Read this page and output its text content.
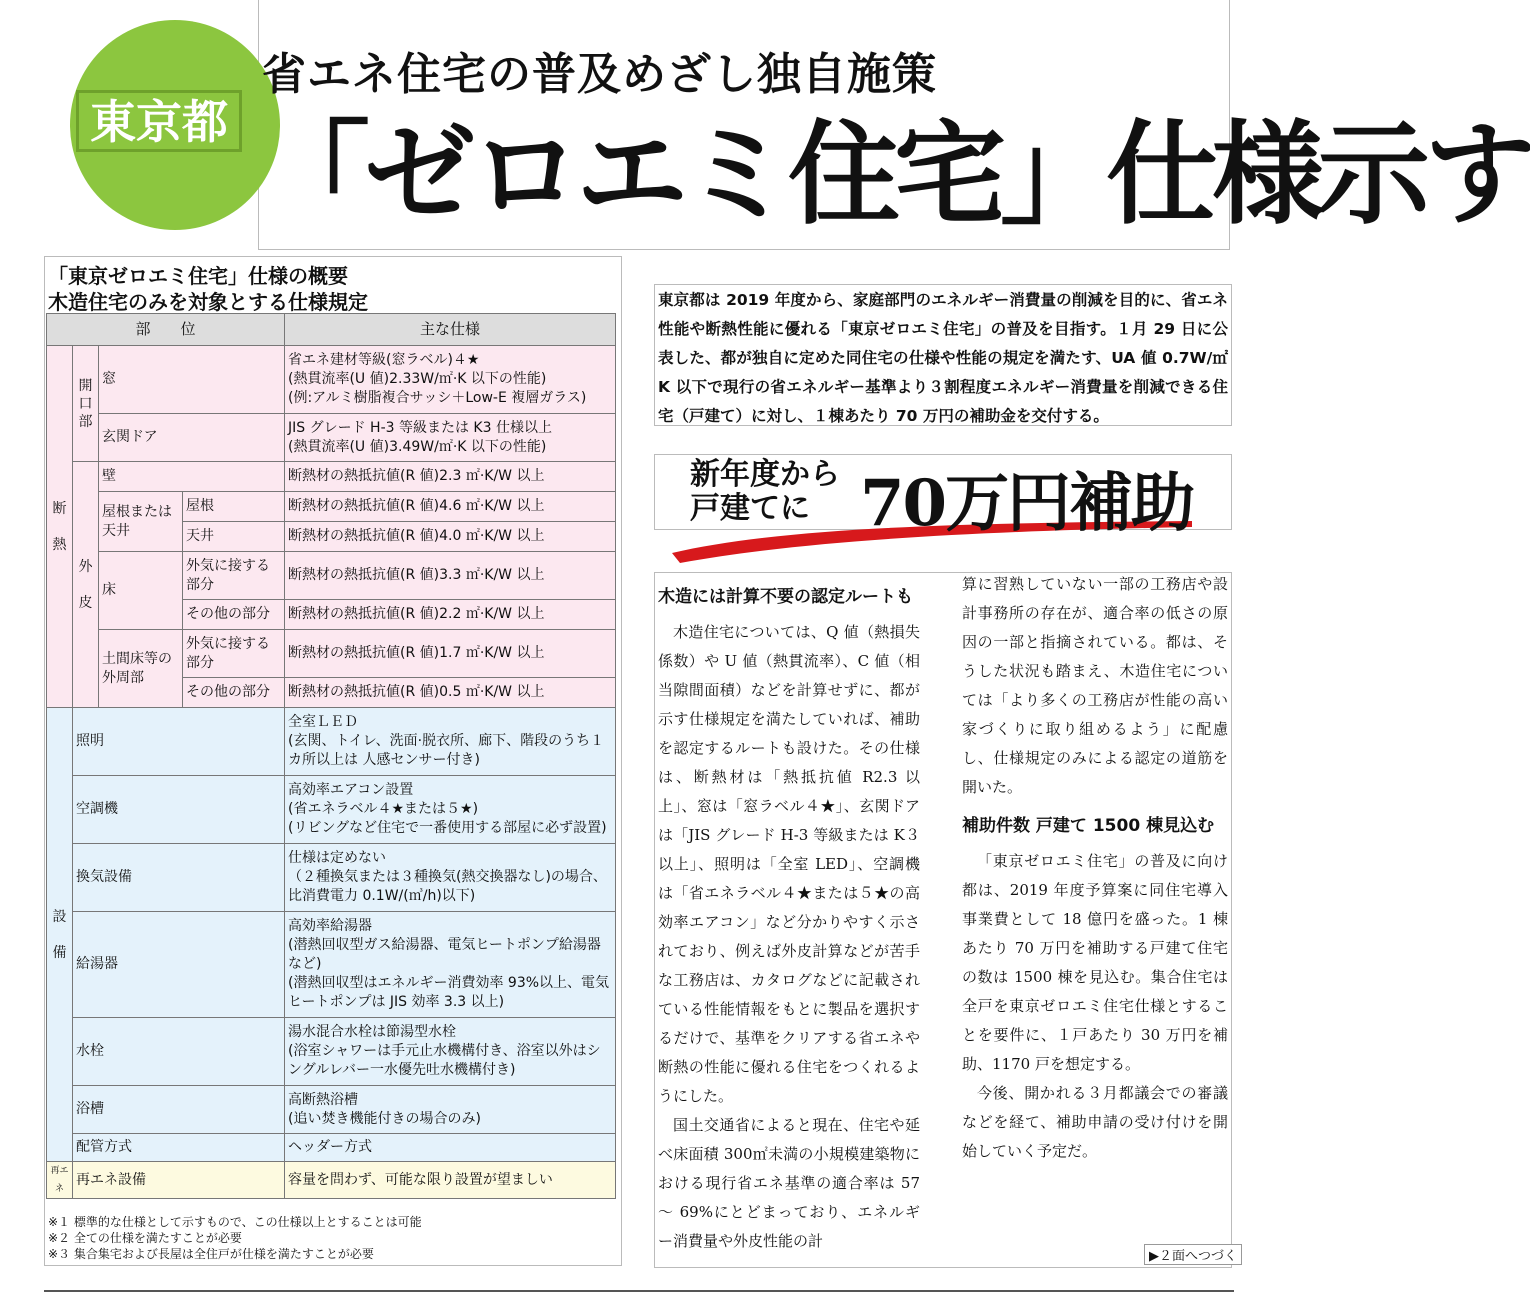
東京都
省エネ住宅の普及めざし独自施策
「ゼロエミ住宅」仕様示す
「東京ゼロエミ住宅」仕様の概要
木造住宅のみを対象とする仕様規定
部　　位				主な仕様
断

熱	開
口
部	窓		省エネ建材等級(窓ラベル)４★
(熱貫流率(U 値)2.33W/㎡·K 以下の性能)
(例:アルミ樹脂複合サッシ＋Low-E 複層ガラス)
		玄関ドア		JIS グレード H-3 等級または K3 仕様以上
(熱貫流率(U 値)3.49W/㎡·K 以下の性能)
	外

皮	壁		断熱材の熱抵抗値(R 値)2.3 ㎡·K/W 以上
		屋根または
天井	屋根	断熱材の熱抵抗値(R 値)4.6 ㎡·K/W 以上
			天井	断熱材の熱抵抗値(R 値)4.0 ㎡·K/W 以上
		床	外気に接する
部分	断熱材の熱抵抗値(R 値)3.3 ㎡·K/W 以上
			その他の部分	断熱材の熱抵抗値(R 値)2.2 ㎡·K/W 以上
		土間床等の
外周部	外気に接する
部分	断熱材の熱抵抗値(R 値)1.7 ㎡·K/W 以上
			その他の部分	断熱材の熱抵抗値(R 値)0.5 ㎡·K/W 以上
設

備	照明			全室ＬＥＤ
(玄関、トイレ、洗面·脱衣所、廊下、階段のうち１カ所以上は 人感センサー付き)
	空調機			高効率エアコン設置
(省エネラベル４★または５★)
(リビングなど住宅で一番使用する部屋に必ず設置)
	換気設備			仕様は定めない
（２種換気または３種換気(熱交換器なし)の場合、比消費電力 0.1W/(㎥/h)以下)
	給湯器			高効率給湯器
(潜熱回収型ガス給湯器、電気ヒートポンプ給湯器など)
(潜熱回収型はエネルギー消費効率 93%以上、電気ヒートポンプは JIS 効率 3.3 以上)
	水栓			湯水混合水栓は節湯型水栓
(浴室シャワーは手元止水機構付き、浴室以外はシングルレバー一水優先吐水機構付き)
	浴槽			高断熱浴槽
(追い焚き機能付きの場合のみ)
	配管方式			ヘッダー方式
再エネ	再エネ設備			容量を問わず、可能な限り設置が望ましい
※１ 標準的な仕様として示すもので、この仕様以上とすることは可能
※２ 全ての仕様を満たすことが必要
※３ 集合集宅および長屋は全住戸が仕様を満たすことが必要
東京都は 2019 年度から、家庭部門のエネルギー消費量の削減を目的に、省エネ性能や断熱性能に優れる「東京ゼロエミ住宅」の普及を目指す。１月 29 日に公表した、都が独自に定めた同住宅の仕様や性能の規定を満たす、UA 値 0.7W/㎡ K 以下で現行の省エネルギー基準より３割程度エネルギー消費量を削減できる住宅（戸建て）に対し、１棟あたり 70 万円の補助金を交付する。
新年度から
戸建てに 70万円補助

木造には計算不要の認定ルートも

木造住宅については、Q 値（熱損失係数）や U 値（熱貫流率）、C 値（相当隙間面積）などを計算せずに、都が示す仕様規定を満たしていれば、補助を認定するルートも設けた。その仕様は、断熱材は「熱抵抗値 R2.3 以上」、窓は「窓ラベル４★」、玄関ドアは「JIS グレード H-3 等級または K３以上」、照明は「全室 LED」、空調機は「省エネラベル４★または５★の高効率エアコン」など分かりやすく示されており、例えば外皮計算などが苦手な工務店は、カタログなどに記載されている性能情報をもとに製品を選択するだけで、基準をクリアする省エネや断熱の性能に優れる住宅をつくれるようにした。

国土交通省によると現在、住宅や延べ床面積 300㎡未満の小規模建築物における現行省エネ基準の適合率は 57 〜 69%にとどまっており、エネルギー消費量や外皮性能の計

算に習熟していない一部の工務店や設計事務所の存在が、適合率の低さの原因の一部と指摘されている。都は、そうした状況も踏まえ、木造住宅については「より多くの工務店が性能の高い家づくりに取り組めるよう」に配慮し、仕様規定のみによる認定の道筋を開いた。

補助件数 戸建て 1500 棟見込む

「東京ゼロエミ住宅」の普及に向け都は、2019 年度予算案に同住宅導入事業費として 18 億円を盛った。1 棟あたり 70 万円を補助する戸建て住宅の数は 1500 棟を見込む。集合住宅は全戸を東京ゼロエミ住宅仕様とすることを要件に、１戸あたり 30 万円を補助、1170 戸を想定する。

今後、開かれる３月都議会での審議などを経て、補助申請の受け付けを開始していく予定だ。

▶２面へつづく
